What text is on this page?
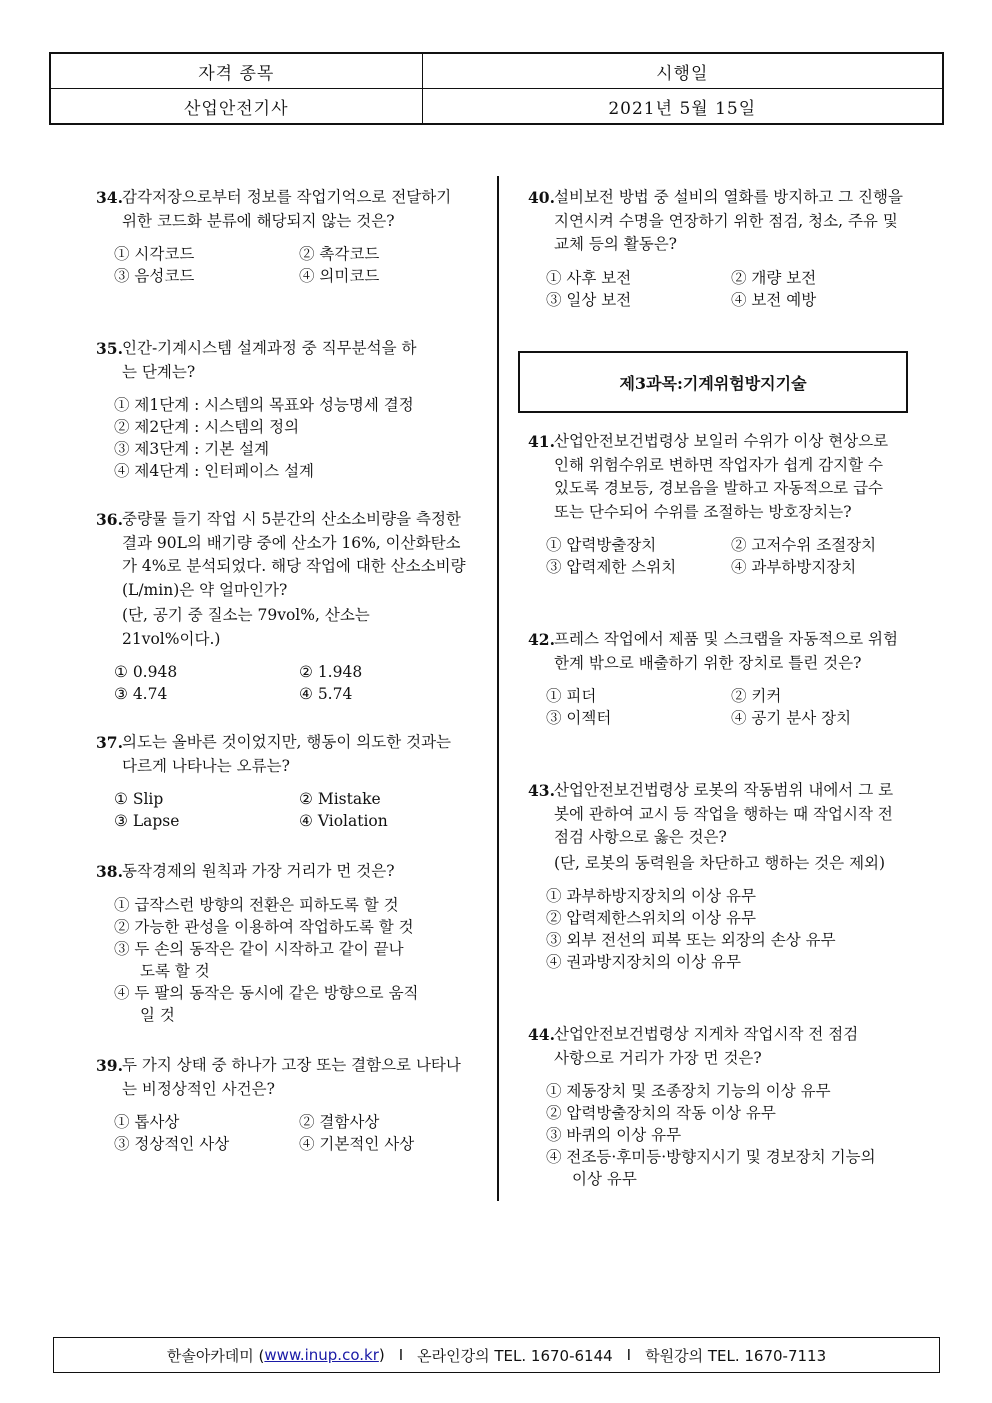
자격 종목	시행일
산업안전기사	2021년 5월 15일
34. 감각저장으로부터 정보를 작업기억으로 전달하기 위한 코드화 분류에 해당되지 않는 것은?
① 시각코드	② 촉각코드
③ 음성코드	④ 의미코드
35. 인간-기계시스템 설계과정 중 직무분석을 하는 단계는?
① 제1단계 : 시스템의 목표와 성능명세 결정
② 제2단계 : 시스템의 정의
③ 제3단계 : 기본 설계
④ 제4단계 : 인터페이스 설계
36. 중량물 들기 작업 시 5분간의 산소소비량을 측정한 결과 90L의 배기량 중에 산소가 16%, 이산화탄소가 4%로 분석되었다. 해당 작업에 대한 산소소비량(L/min)은 약 얼마인가?
(단, 공기 중 질소는 79vol%, 산소는 21vol%이다.)
① 0.948	② 1.948
③ 4.74	④ 5.74
37. 의도는 올바른 것이었지만, 행동이 의도한 것과는 다르게 나타나는 오류는?
① Slip	② Mistake
③ Lapse	④ Violation
38. 동작경제의 원칙과 가장 거리가 먼 것은?
① 급작스런 방향의 전환은 피하도록 할 것
② 가능한 관성을 이용하여 작업하도록 할 것
③ 두 손의 동작은 같이 시작하고 같이 끝나도록 할 것
④ 두 팔의 동작은 동시에 같은 방향으로 움직일 것
39. 두 가지 상태 중 하나가 고장 또는 결함으로 나타나는 비정상적인 사건은?
① 톱사상	② 결함사상
③ 정상적인 사상	④ 기본적인 사상
40. 설비보전 방법 중 설비의 열화를 방지하고 그 진행을 지연시켜 수명을 연장하기 위한 점검, 청소, 주유 및 교체 등의 활동은?
① 사후 보전	② 개량 보전
③ 일상 보전	④ 보전 예방
제3과목:기계위험방지기술
41. 산업안전보건법령상 보일러 수위가 이상 현상으로 인해 위험수위로 변하면 작업자가 쉽게 감지할 수 있도록 경보등, 경보음을 발하고 자동적으로 급수 또는 단수되어 수위를 조절하는 방호장치는?
① 압력방출장치	② 고저수위 조절장치
③ 압력제한 스위치	④ 과부하방지장치
42. 프레스 작업에서 제품 및 스크랩을 자동적으로 위험한계 밖으로 배출하기 위한 장치로 틀린 것은?
① 피더	② 키커
③ 이젝터	④ 공기 분사 장치
43. 산업안전보건법령상 로봇의 작동범위 내에서 그 로봇에 관하여 교시 등 작업을 행하는 때 작업시작 전 점검 사항으로 옳은 것은?
(단, 로봇의 동력원을 차단하고 행하는 것은 제외)
① 과부하방지장치의 이상 유무
② 압력제한스위치의 이상 유무
③ 외부 전선의 피복 또는 외장의 손상 유무
④ 권과방지장치의 이상 유무
44. 산업안전보건법령상 지게차 작업시작 전 점검사항으로 거리가 가장 먼 것은?
① 제동장치 및 조종장치 기능의 이상 유무
② 압력방출장치의 작동 이상 유무
③ 바퀴의 이상 유무
④ 전조등·후미등·방향지시기 및 경보장치 기능의 이상 유무
한솔아카데미 ( www.inup.co.kr ) I 온라인강의 TEL. 1670-6144 I 학원강의 TEL. 1670-7113
